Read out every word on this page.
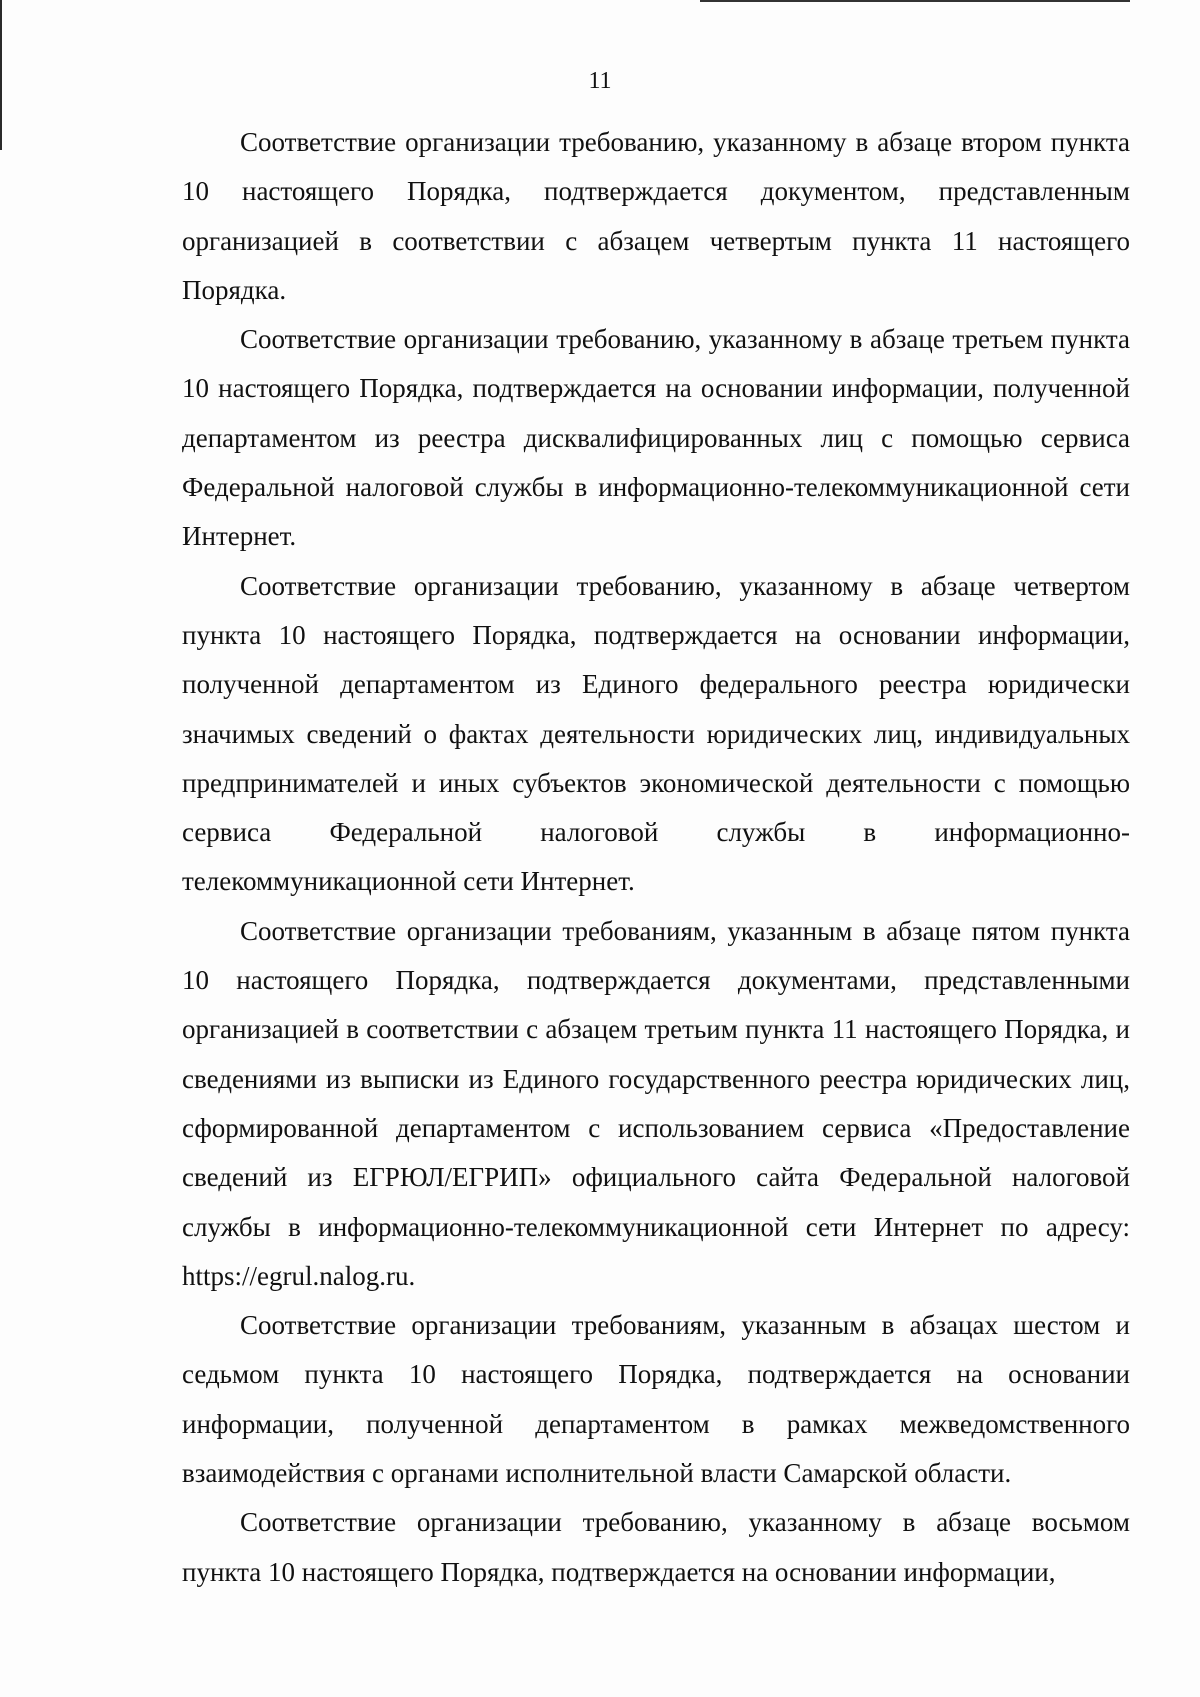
11

Соответствие организации требованию, указанному в абзаце втором пункта 10 настоящего Порядка, подтверждается документом, представленным организацией в соответствии с абзацем четвертым пункта 11 настоящего Порядка.

Соответствие организации требованию, указанному в абзаце третьем пункта 10 настоящего Порядка, подтверждается на основании информации, полученной департаментом из реестра дисквалифицированных лиц с помощью сервиса Федеральной налоговой службы в информационно-телекоммуникационной сети Интернет.

Соответствие организации требованию, указанному в абзаце четвертом пункта 10 настоящего Порядка, подтверждается на основании информации, полученной департаментом из Единого федерального реестра юридически значимых сведений о фактах деятельности юридических лиц, индивидуальных предпринимателей и иных субъектов экономической деятельности с помощью сервиса Федеральной налоговой службы в информационно-телекоммуникационной сети Интернет.

Соответствие организации требованиям, указанным в абзаце пятом пункта 10 настоящего Порядка, подтверждается документами, представленными организацией в соответствии с абзацем третьим пункта 11 настоящего Порядка, и сведениями из выписки из Единого государственного реестра юридических лиц, сформированной департаментом с использованием сервиса «Предоставление сведений из ЕГРЮЛ/ЕГРИП» официального сайта Федеральной налоговой службы в информационно-телекоммуникационной сети Интернет по адресу: https://egrul.nalog.ru.

Соответствие организации требованиям, указанным в абзацах шестом и седьмом пункта 10 настоящего Порядка, подтверждается на основании информации, полученной департаментом в рамках межведомственного взаимодействия с органами исполнительной власти Самарской области.

Соответствие организации требованию, указанному в абзаце восьмом пункта 10 настоящего Порядка, подтверждается на основании информации,
